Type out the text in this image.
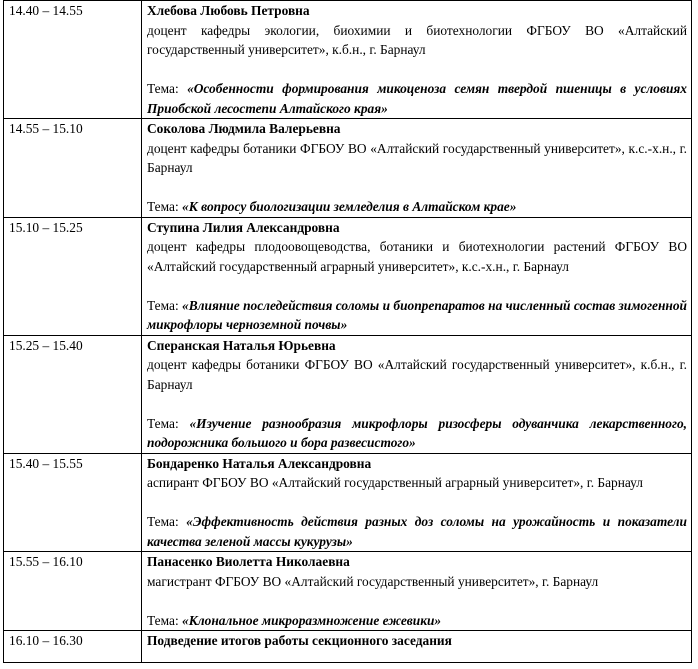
14.40 – 14.55	Хлебова Любовь Петровна
доцент кафедры экологии, биохимии и биотехнологии ФГБОУ ВО «Алтайский государственный университет», к.б.н., г. Барнаул
Тема: «Особенности формирования микоценоза семян твердой пшеницы в условиях Приобской лесостепи Алтайского края»

14.55 – 15.10	Соколова Людмила Валерьевна
доцент кафедры ботаники ФГБОУ ВО «Алтайский государственный университет», к.с.-х.н., г. Барнаул
Тема: «К вопросу биологизации земледелия в Алтайском крае»

15.10 – 15.25	Ступина Лилия Александровна
доцент кафедры плодоовощеводства, ботаники и биотехнологии растений ФГБОУ ВО «Алтайский государственный аграрный университет», к.с.-х.н., г. Барнаул
Тема: «Влияние последействия соломы и биопрепаратов на численный состав зимогенной микрофлоры черноземной почвы»

15.25 – 15.40	Сперанская Наталья Юрьевна
доцент кафедры ботаники ФГБОУ ВО «Алтайский государственный университет», к.б.н., г. Барнаул
Тема: «Изучение разнообразия микрофлоры ризосферы одуванчика лекарственного, подорожника большого и бора развесистого»

15.40 – 15.55	Бондаренко Наталья Александровна
аспирант ФГБОУ ВО «Алтайский государственный аграрный университет», г. Барнаул
Тема: «Эффективность действия разных доз соломы на урожайность и показатели качества зеленой массы кукурузы»

15.55 – 16.10	Панасенко Виолетта Николаевна
магистрант ФГБОУ ВО «Алтайский государственный университет», г. Барнаул
Тема: «Клональное микроразмножение ежевики»

16.10 – 16.30	Подведение итогов работы секционного заседания
